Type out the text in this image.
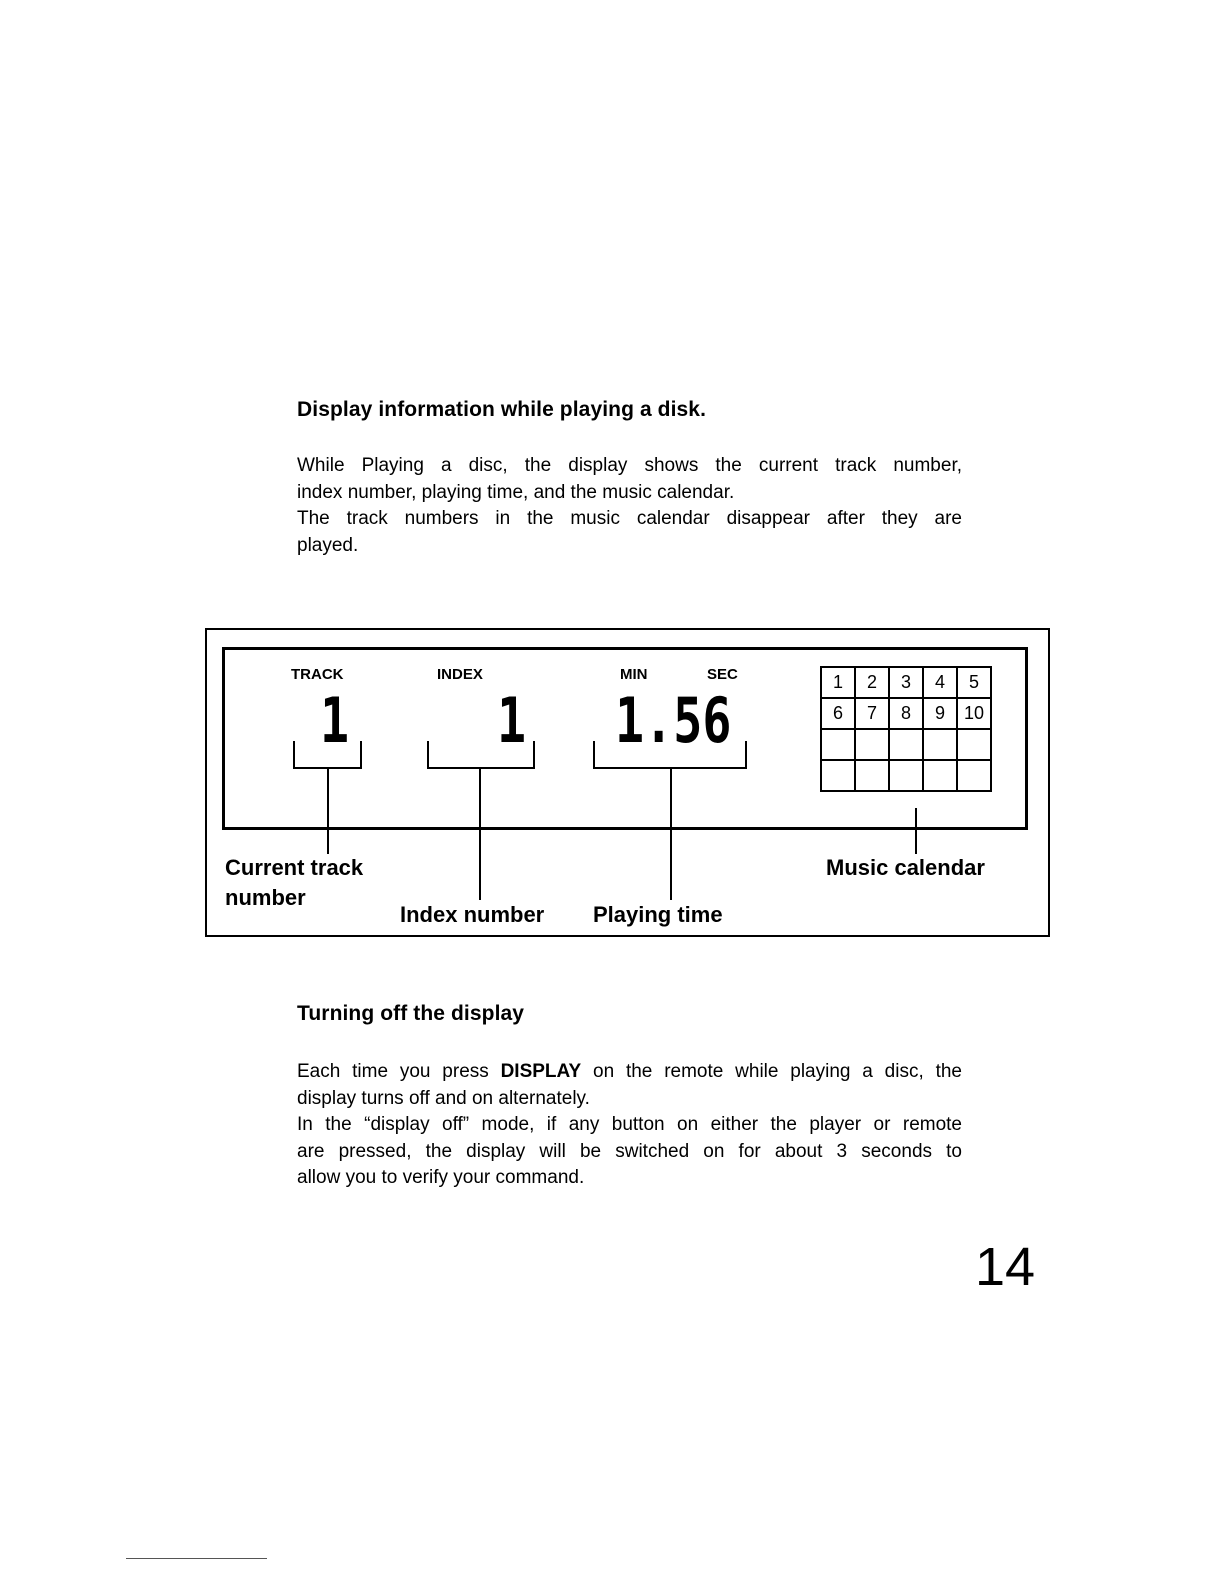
Display information while playing a disk.
While Playing a disc, the display shows the current track number,
index number, playing time, and the music calendar.
The track numbers in the music calendar disappear after they are
played.
TRACK	INDEX	MIN	SEC
1 1 1.56
1	2	3	4	5
6	7	8	9	10

Current track
number
Index number Playing time
Music calendar
Turning off the display
Each time you press DISPLAY on the remote while playing a disc, the
display turns off and on alternately.
In the “display off” mode, if any button on either the player or remote
are pressed, the display will be switched on for about 3 seconds to
allow you to verify your command.
14
